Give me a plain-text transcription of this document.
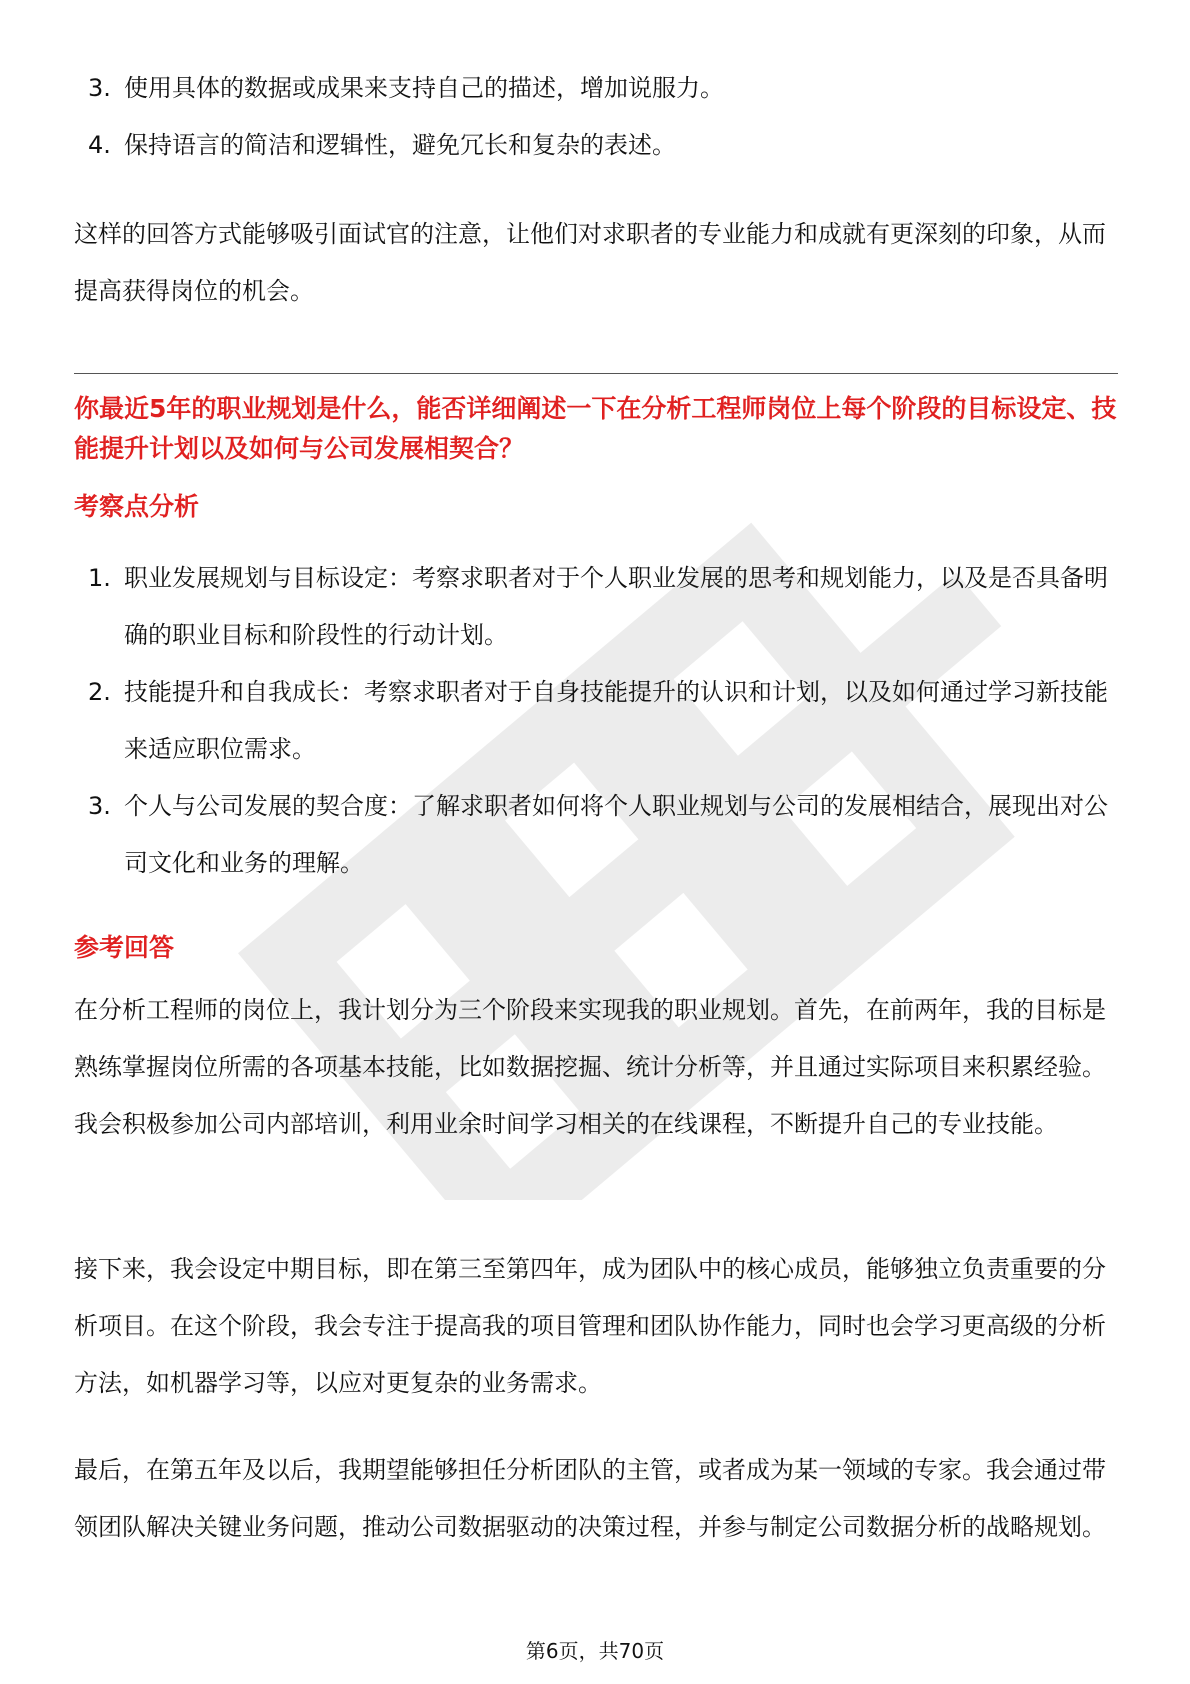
3. 使用具体的数据或成果来支持自己的描述，增加说服力。
4. 保持语言的简洁和逻辑性，避免冗长和复杂的表述。

这样的回答方式能够吸引面试官的注意，让他们对求职者的专业能力和成就有更深刻的印象，从而提高获得岗位的机会。

你最近5年的职业规划是什么，能否详细阐述一下在分析工程师岗位上每个阶段的目标设定、技能提升计划以及如何与公司发展相契合？
考察点分析
1. 职业发展规划与目标设定：考察求职者对于个人职业发展的思考和规划能力，以及是否具备明确的职业目标和阶段性的行动计划。
2. 技能提升和自我成长：考察求职者对于自身技能提升的认识和计划，以及如何通过学习新技能来适应职位需求。
3. 个人与公司发展的契合度：了解求职者如何将个人职业规划与公司的发展相结合，展现出对公司文化和业务的理解。
参考回答

在分析工程师的岗位上，我计划分为三个阶段来实现我的职业规划。首先，在前两年，我的目标是熟练掌握岗位所需的各项基本技能，比如数据挖掘、统计分析等，并且通过实际项目来积累经验。我会积极参加公司内部培训，利用业余时间学习相关的在线课程，不断提升自己的专业技能。

接下来，我会设定中期目标，即在第三至第四年，成为团队中的核心成员，能够独立负责重要的分析项目。在这个阶段，我会专注于提高我的项目管理和团队协作能力，同时也会学习更高级的分析方法，如机器学习等，以应对更复杂的业务需求。

最后，在第五年及以后，我期望能够担任分析团队的主管，或者成为某一领域的专家。我会通过带领团队解决关键业务问题，推动公司数据驱动的决策过程，并参与制定公司数据分析的战略规划。

第6页，共70页
